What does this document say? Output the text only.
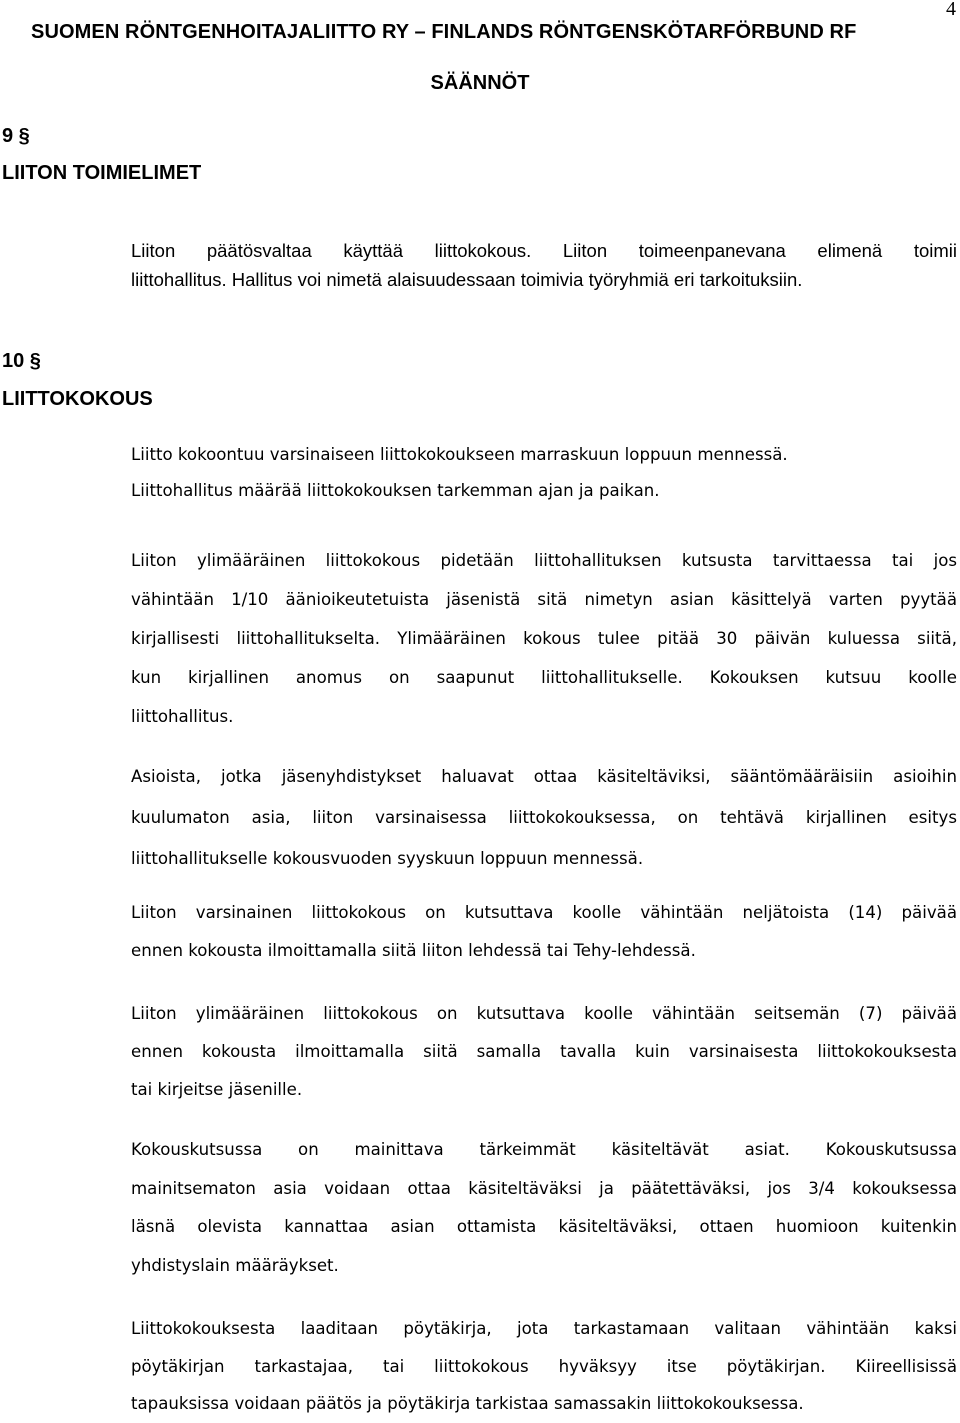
4
SUOMEN RÖNTGENHOITAJALIITTO RY – FINLANDS RÖNTGENSKÖTARFÖRBUND RF
SÄÄNNÖT
9 §
LIITON TOIMIELIMET
Liiton päätösvaltaa käyttää liittokokous. Liiton toimeenpanevana elimenä toimii
liittohallitus. Hallitus voi nimetä alaisuudessaan toimivia työryhmiä eri tarkoituksiin.
10 §
LIITTOKOKOUS
Liitto kokoontuu varsinaiseen liittokokoukseen marraskuun loppuun mennessä.
Liittohallitus määrää liittokokouksen tarkemman ajan ja paikan.
Liiton ylimääräinen liittokokous pidetään liittohallituksen kutsusta tarvittaessa tai jos
vähintään 1/10 äänioikeutetuista jäsenistä sitä nimetyn asian käsittelyä varten pyytää
kirjallisesti liittohallitukselta. Ylimääräinen kokous tulee pitää 30 päivän kuluessa siitä,
kun kirjallinen anomus on saapunut liittohallitukselle. Kokouksen kutsuu koolle
liittohallitus.
Asioista, jotka jäsenyhdistykset haluavat ottaa käsiteltäviksi, sääntömääräisiin asioihin
kuulumaton asia, liiton varsinaisessa liittokokouksessa, on tehtävä kirjallinen esitys
liittohallitukselle kokousvuoden syyskuun loppuun mennessä.
Liiton varsinainen liittokokous on kutsuttava koolle vähintään neljätoista (14) päivää
ennen kokousta ilmoittamalla siitä liiton lehdessä tai Tehy-lehdessä.
Liiton ylimääräinen liittokokous on kutsuttava koolle vähintään seitsemän (7) päivää
ennen kokousta ilmoittamalla siitä samalla tavalla kuin varsinaisesta liittokokouksesta
tai kirjeitse jäsenille.
Kokouskutsussa on mainittava tärkeimmät käsiteltävät asiat. Kokouskutsussa
mainitsematon asia voidaan ottaa käsiteltäväksi ja päätettäväksi, jos 3/4 kokouksessa
läsnä olevista kannattaa asian ottamista käsiteltäväksi, ottaen huomioon kuitenkin
yhdistyslain määräykset.
Liittokokouksesta laaditaan pöytäkirja, jota tarkastamaan valitaan vähintään kaksi
pöytäkirjan tarkastajaa, tai liittokokous hyväksyy itse pöytäkirjan. Kiireellisissä
tapauksissa voidaan päätös ja pöytäkirja tarkistaa samassakin liittokokouksessa.
